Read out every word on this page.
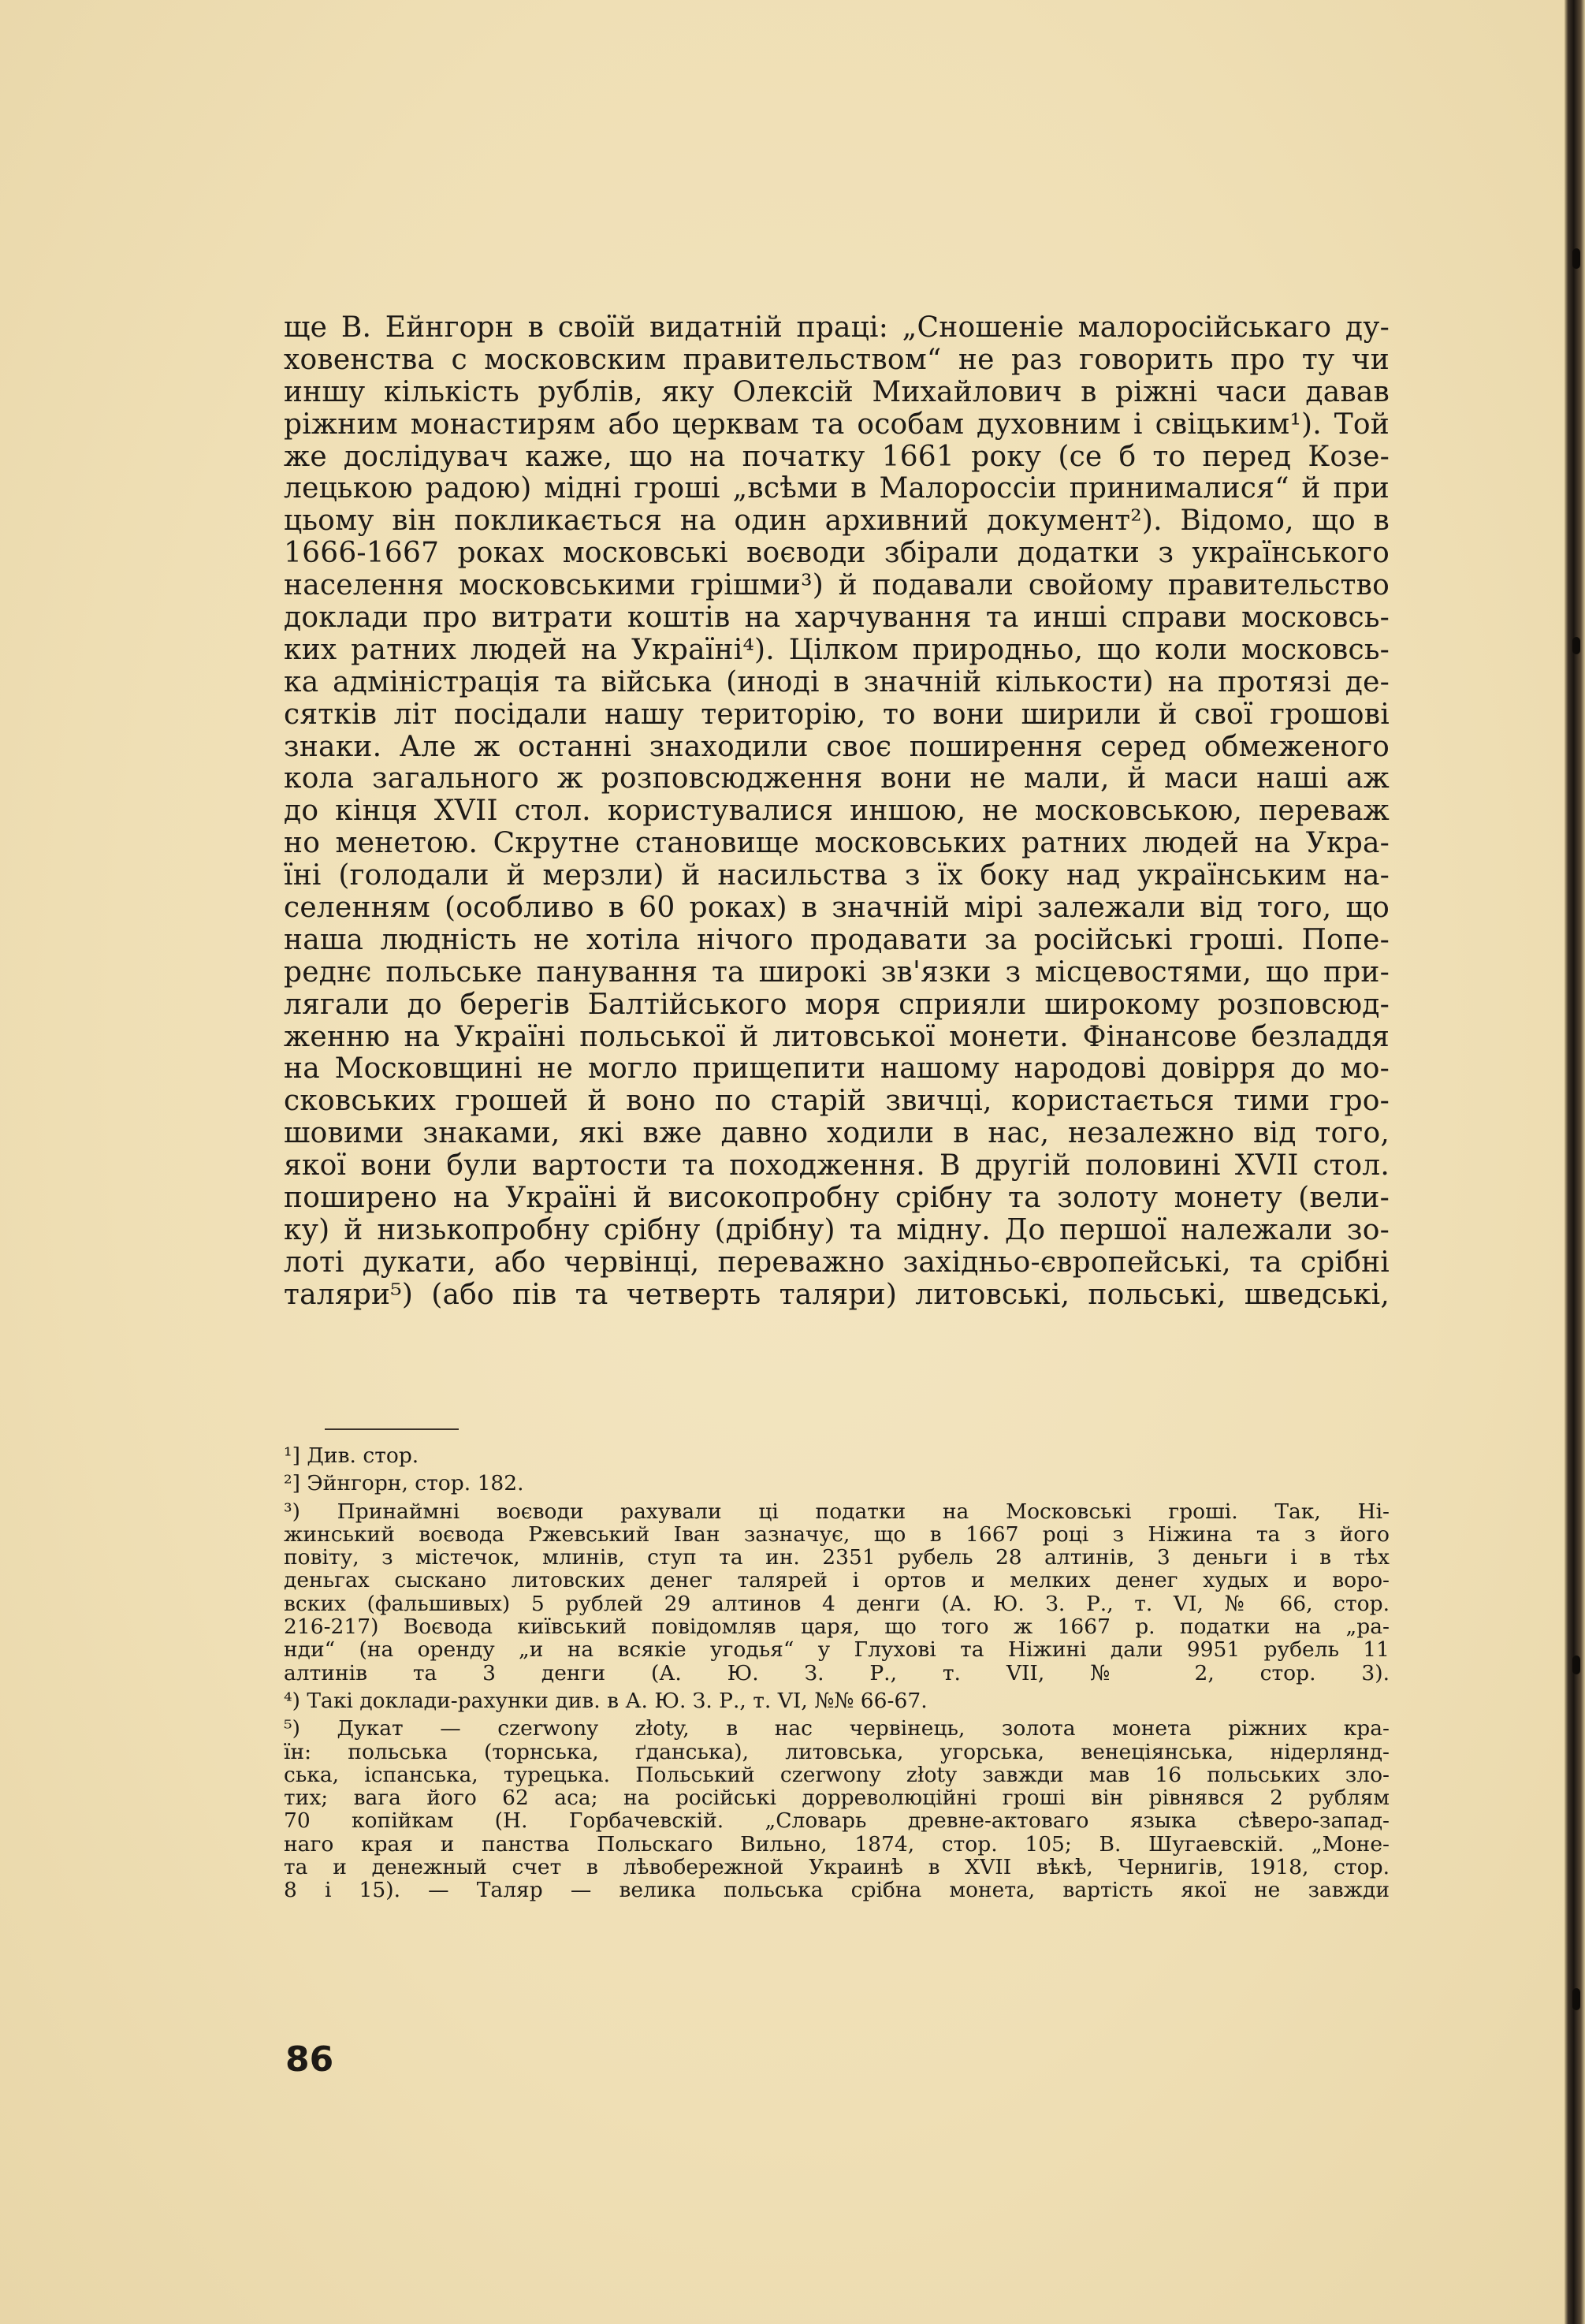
ще В. Ейнгорн в своїй видатній праці: „Сношеніе малоросійськаго ду-
ховенства с московским правительством“ не раз говорить про ту чи
иншу кількість рублів, яку Олексій Михайлович в ріжні часи давав
ріжним монастирям або церквам та особам духовним і свіцьким¹). Той
же дослідувач каже, що на початку 1661 року (се б то перед Козе-
лецькою радою) мідні гроші „всѣми в Малороссіи принималися“ й при
цьому він покликається на один архивний документ²). Відомо, що в
1666-1667 роках московські воєводи збірали додатки з українського
населення московськими грішми³) й подавали свойому правительство
доклади про витрати коштів на харчування та инші справи московсь-
ких ратних людей на Україні⁴). Цілком природньо, що коли московсь-
ка адміністрація та війська (иноді в значній кількости) на протязі де-
сятків літ посідали нашу територію, то вони ширили й свої грошові
знаки. Але ж останні знаходили своє поширення серед обмеженого
кола загального ж розповсюдження вони не мали, й маси наші аж
до кінця XVII стол. користувалися иншою, не московською, переваж
но менетою. Скрутне становище московських ратних людей на Укра-
їні (голодали й мерзли) й насильства з їх боку над українським на-
селенням (особливо в 60 роках) в значній мірі залежали від того, що
наша людність не хотіла нічого продавати за російські гроші. Попе-
реднє польське панування та широкі зв'язки з місцевостями, що при-
лягали до берегів Балтійського моря сприяли широкому розповсюд-
женню на Україні польської й литовської монети. Фінансове безладдя
на Московщині не могло прищепити нашому народові довірря до мо-
сковських грошей й воно по старій звичці, користається тими гро-
шовими знаками, які вже давно ходили в нас, незалежно від того,
якої вони були вартости та походження. В другій половині XVII стол.
поширено на Україні й високопробну срібну та золоту монету (вели-
ку) й низькопробну срібну (дрібну) та мідну. До першої належали зо-
лоті дукати, або червінці, переважно західньо-європейські, та срібні
таляри⁵) (або пів та четверть таляри) литовські, польські, шведські,
¹] Див. стор.
²] Эйнгорн, стор. 182.
³) Принаймні воєводи рахували ці податки на Московські гроші. Так, Ні-
жинський воєвода Ржевський Іван зазначує, що в 1667 році з Ніжина та з його
повіту, з містечок, млинів, ступ та ин. 2351 рубель 28 алтинів, 3 деньги і в тѣх
деньгах сыскано литовских денег талярей і ортов и мелких денег худых и воро-
вских (фальшивых) 5 рублей 29 алтинов 4 денги (А. Ю. З. Р., т. VI, № 66, стор.
216-217) Воєвода київський повідомляв царя, що того ж 1667 р. податки на „ра-
нди“ (на оренду „и на всякіе угодья“ у Глухові та Ніжині дали 9951 рубель 11
алтинів та 3 денги (А. Ю. З. Р., т. VII, № 2, стор. 3).
⁴) Такі доклади-рахунки див. в А. Ю. З. Р., т. VI, №№ 66-67.
⁵) Дукат — czerwony złoty, в нас червінець, золота монета ріжних кра-
їн: польська (торнська, ґданська), литовська, угорська, венеціянська, нідерлянд-
ська, іспанська, турецька. Польський czerwony złoty завжди мав 16 польських зло-
тих; вага його 62 аса; на російські дорреволюційні гроші він рівнявся 2 рублям
70 копійкам (Н. Горбачевскій. „Словарь древне-актоваго языка сѣверо-запад-
наго края и панства Польскаго Вильно, 1874, стор. 105; В. Шугаевскій. „Моне-
та и денежный счет в лѣвобережной Украинѣ в XVII вѣкѣ, Чернигів, 1918, стор.
8 і 15). — Таляр — велика польська срібна монета, вартість якої не завжди
86
